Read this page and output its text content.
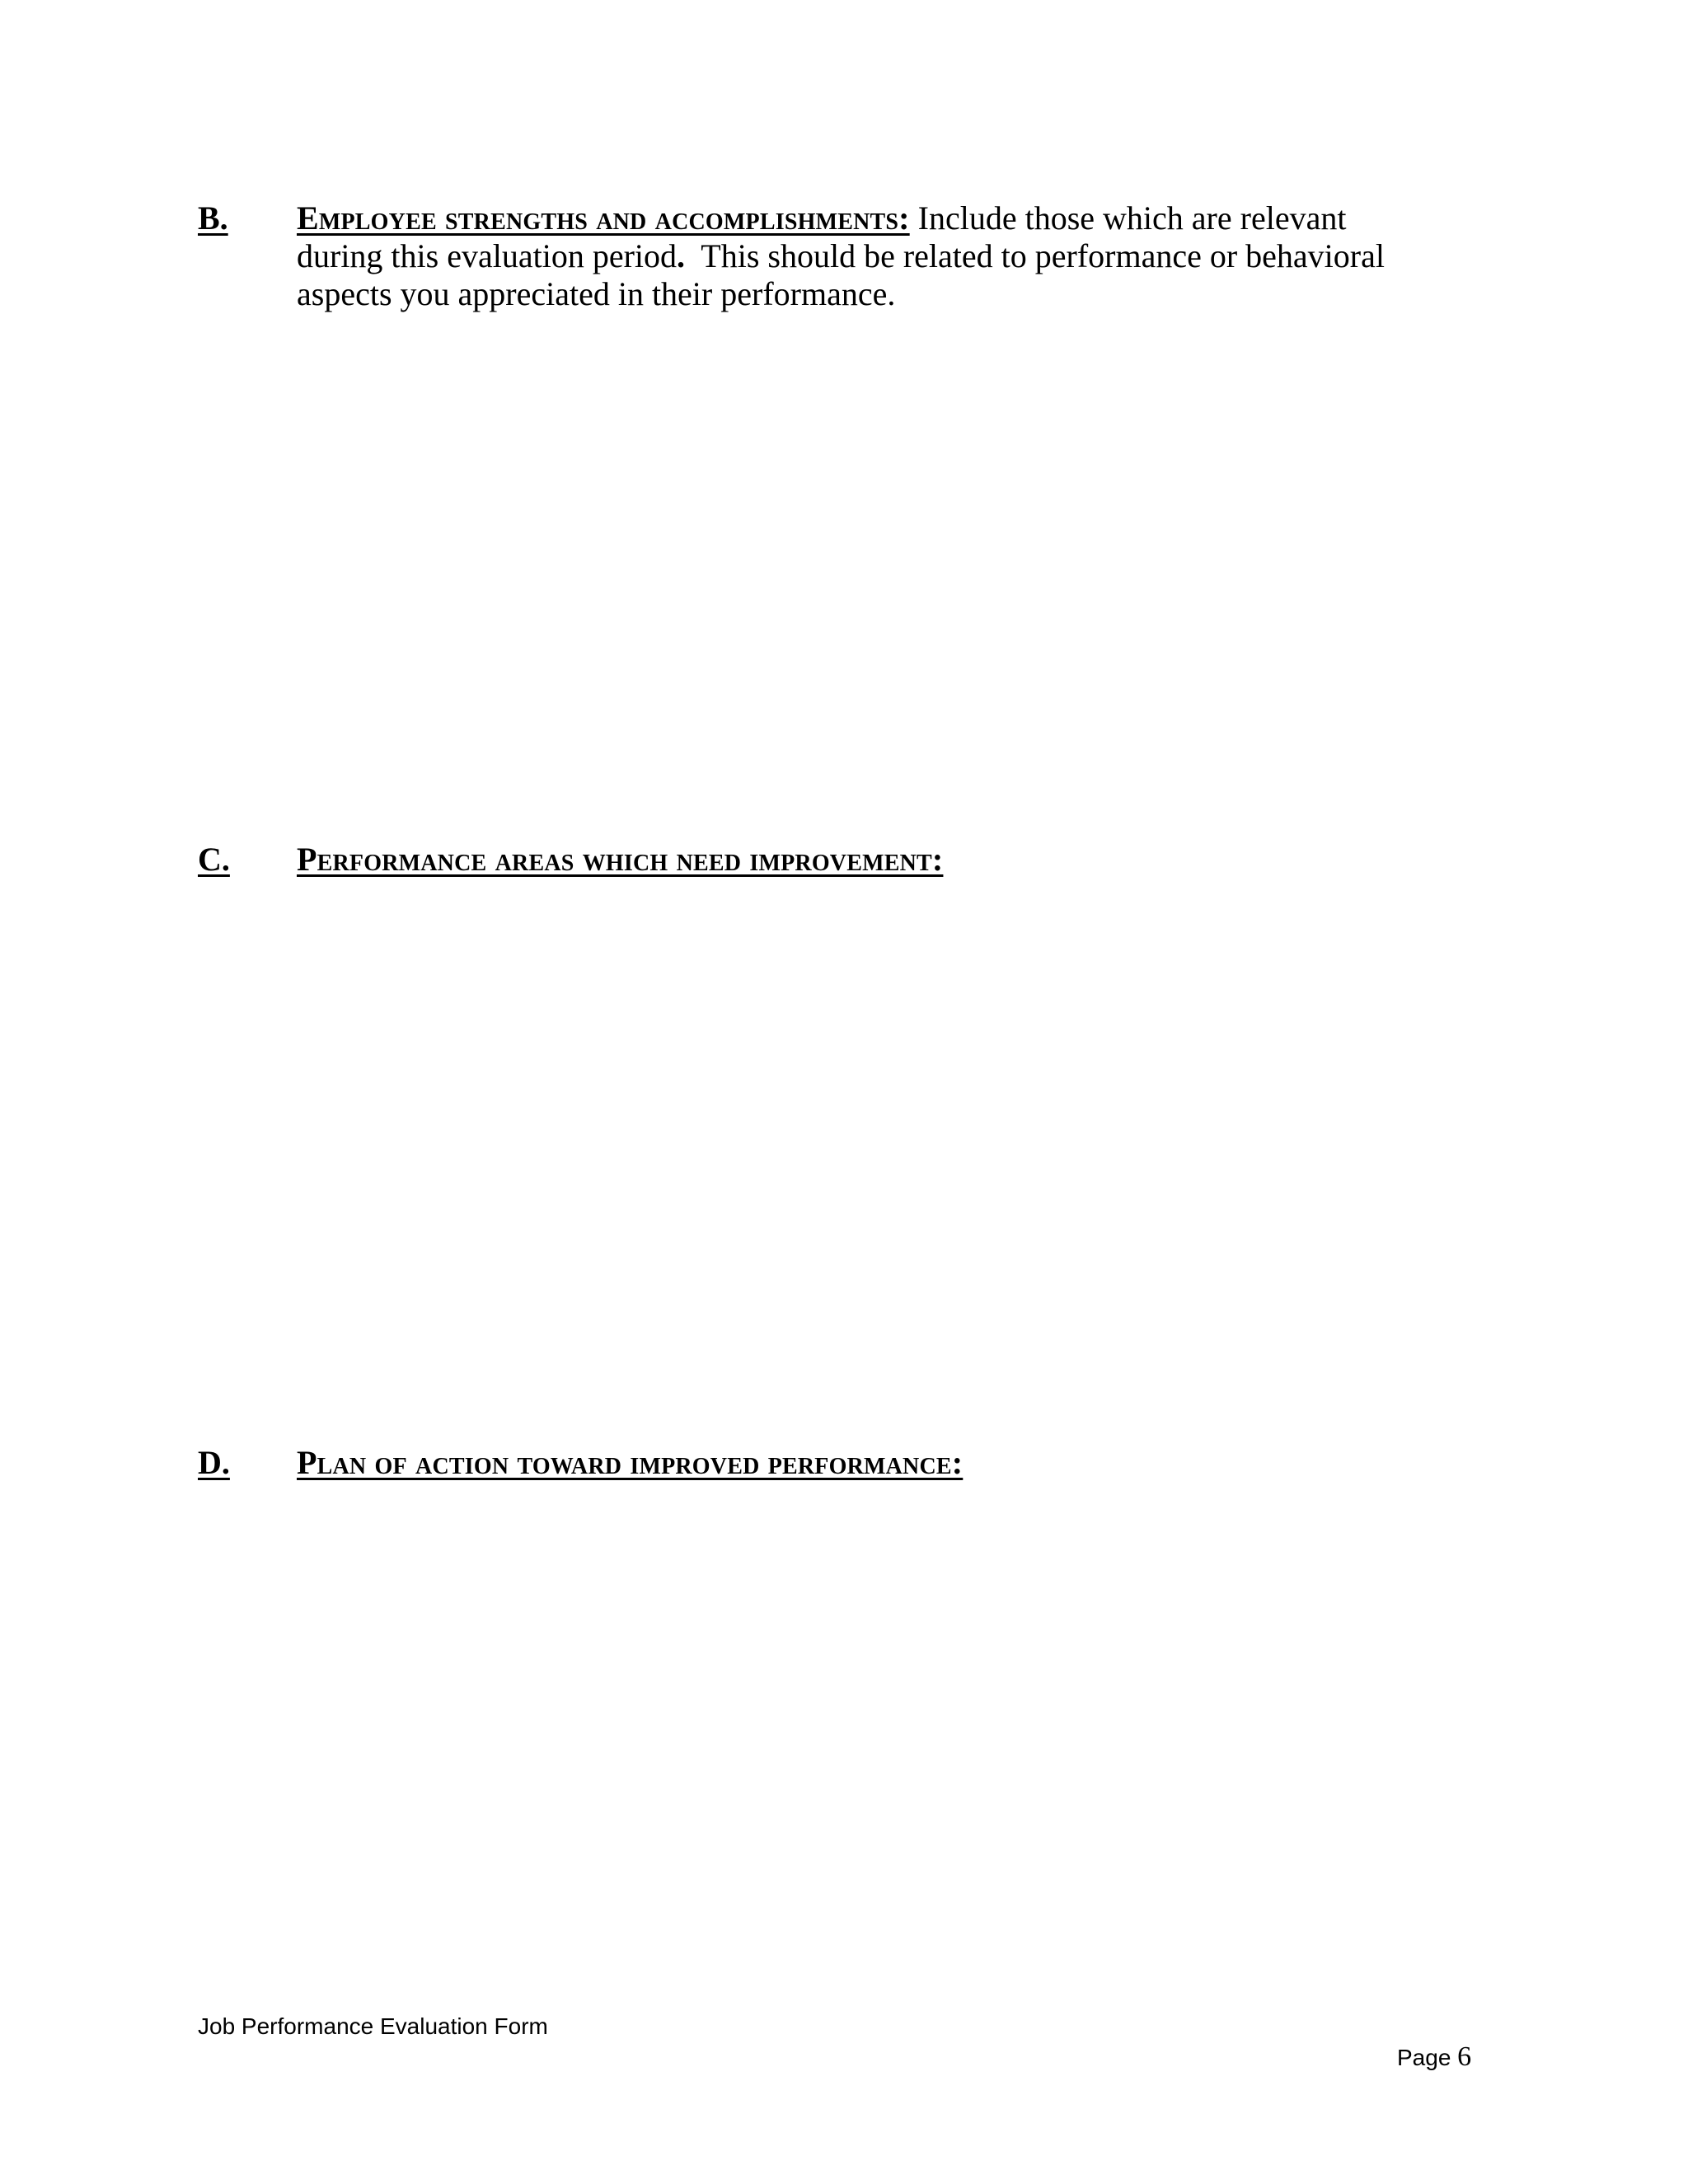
B.	Employee strengths and accomplishments: Include those which are relevant
during this evaluation period.  This should be related to performance or behavioral
aspects you appreciated in their performance.
C.	Performance areas which need improvement:
D.	Plan of action toward improved performance:
Job Performance Evaluation Form
Page 6
